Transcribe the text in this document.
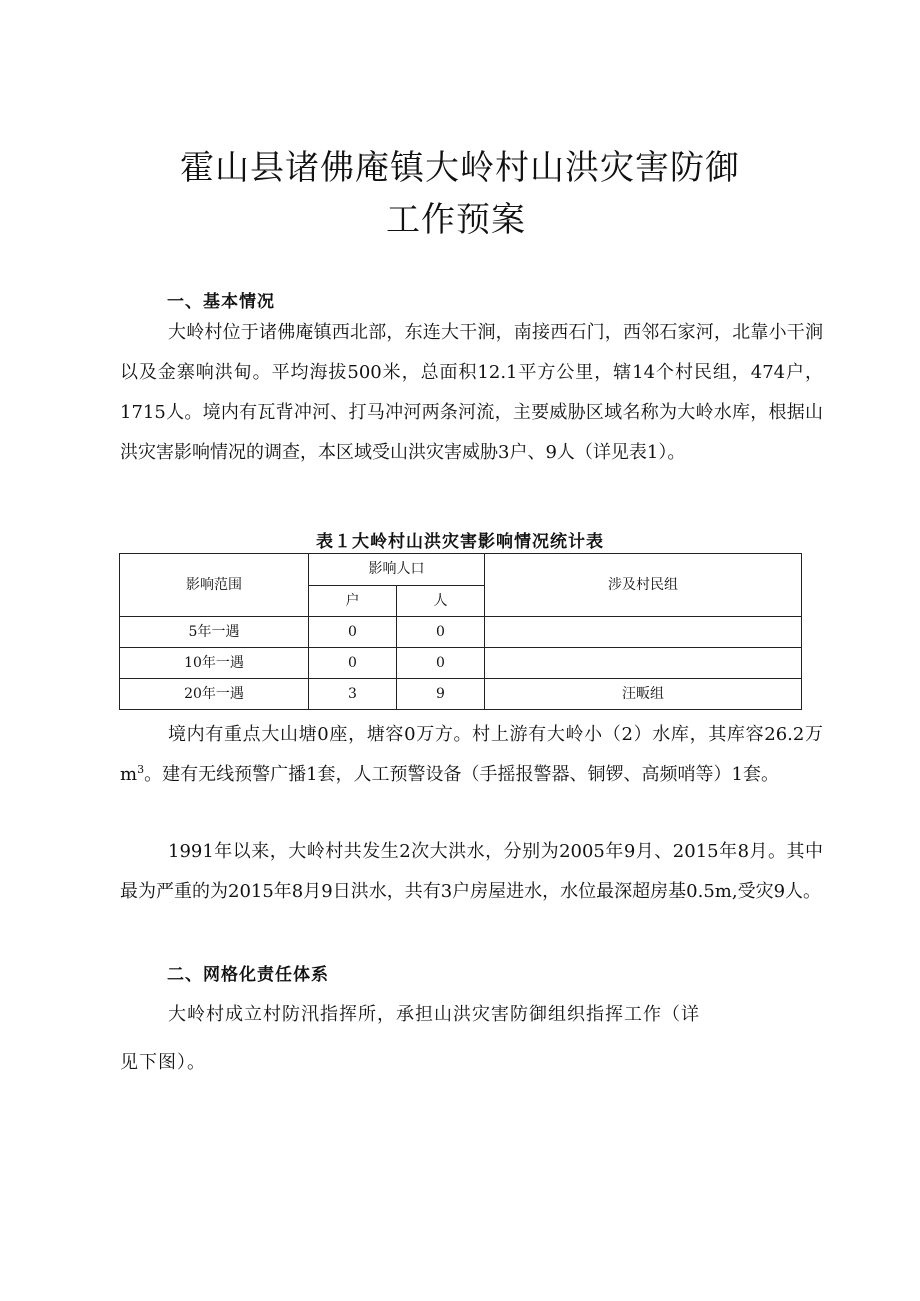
霍山县诸佛庵镇大岭村山洪灾害防御
工作预案
一、基本情况

大岭村位于诸佛庵镇西北部，东连大干涧，南接西石门，西邻石家河，北靠小干涧以及金寨响洪甸。平均海拔500米，总面积12.1平方公里，辖14个村民组，474户，1715人。境内有瓦背冲河、打马冲河两条河流，主要威胁区域名称为大岭水库，根据山洪灾害影响情况的调查，本区域受山洪灾害威胁3户、9人（详见表1）。

表１大岭村山洪灾害影响情况统计表
影响范围	影响人口		涉及村民组
	户	人	
5年一遇	0	0	
10年一遇	0	0	
20年一遇	3	9	汪畈组

境内有重点大山塘0座，塘容0万方。村上游有大岭小（2）水库，其库容26.2万$m^3$。建有无线预警广播1套，人工预警设备（手摇报警器、铜锣、高频哨等）1套。

1991年以来，大岭村共发生2次大洪水，分别为2005年9月、2015年8月。其中最为严重的为2015年8月9日洪水，共有3户房屋进水，水位最深超房基0.5m,受灾9人。

二、网格化责任体系
大岭村成立村防汛指挥所，承担山洪灾害防御组织指挥工作（详
见下图）。
